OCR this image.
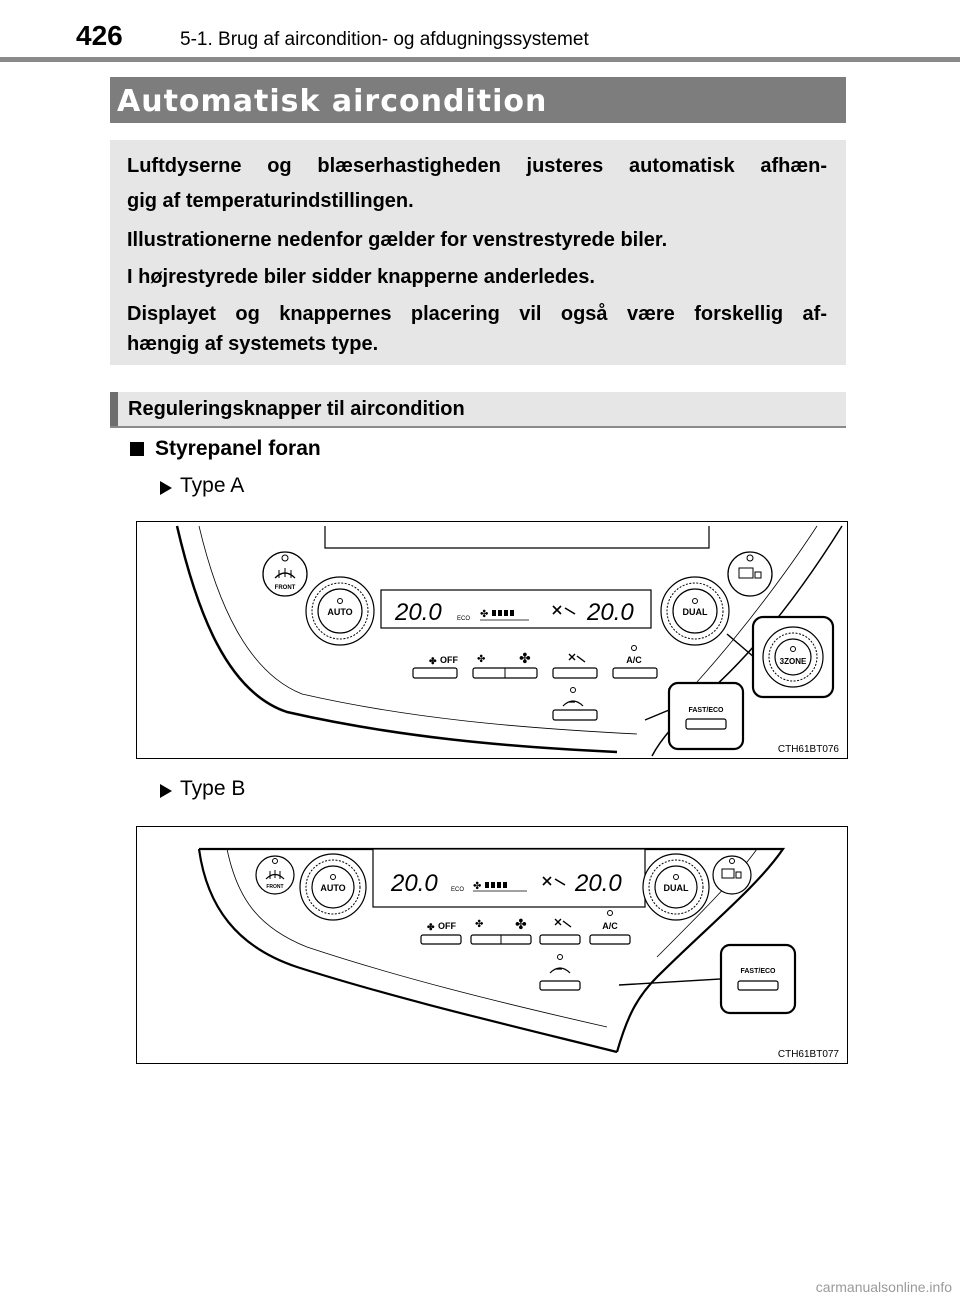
426	5-1. Brug af aircondition- og afdugningssystemet
Automatisk aircondition
Luftdyserne og blæserhastigheden justeres automatisk afhæn-
gig af temperaturindstillingen.
Illustrationerne nedenfor gælder for venstrestyrede biler.
I højrestyrede biler sidder knapperne anderledes.
Displayet og knappernes placering vil også være forskellig af-
hængig af systemets type.
Reguleringsknapper til aircondition
Styrepanel foran
Type A
FRONT
AUTO 20.0	ECO ✤	20.0	DUAL
✤ OFF ✤ ✤	A/C
FAST/ECO
3ZONE
CTH61BT076
Type B
FRONT	AUTO 20.0 ECO ✤	20.0	DUAL
✤ OFF ✤ ✤	A/C
FAST/ECO
CTH61BT077
carmanualsonline.info
